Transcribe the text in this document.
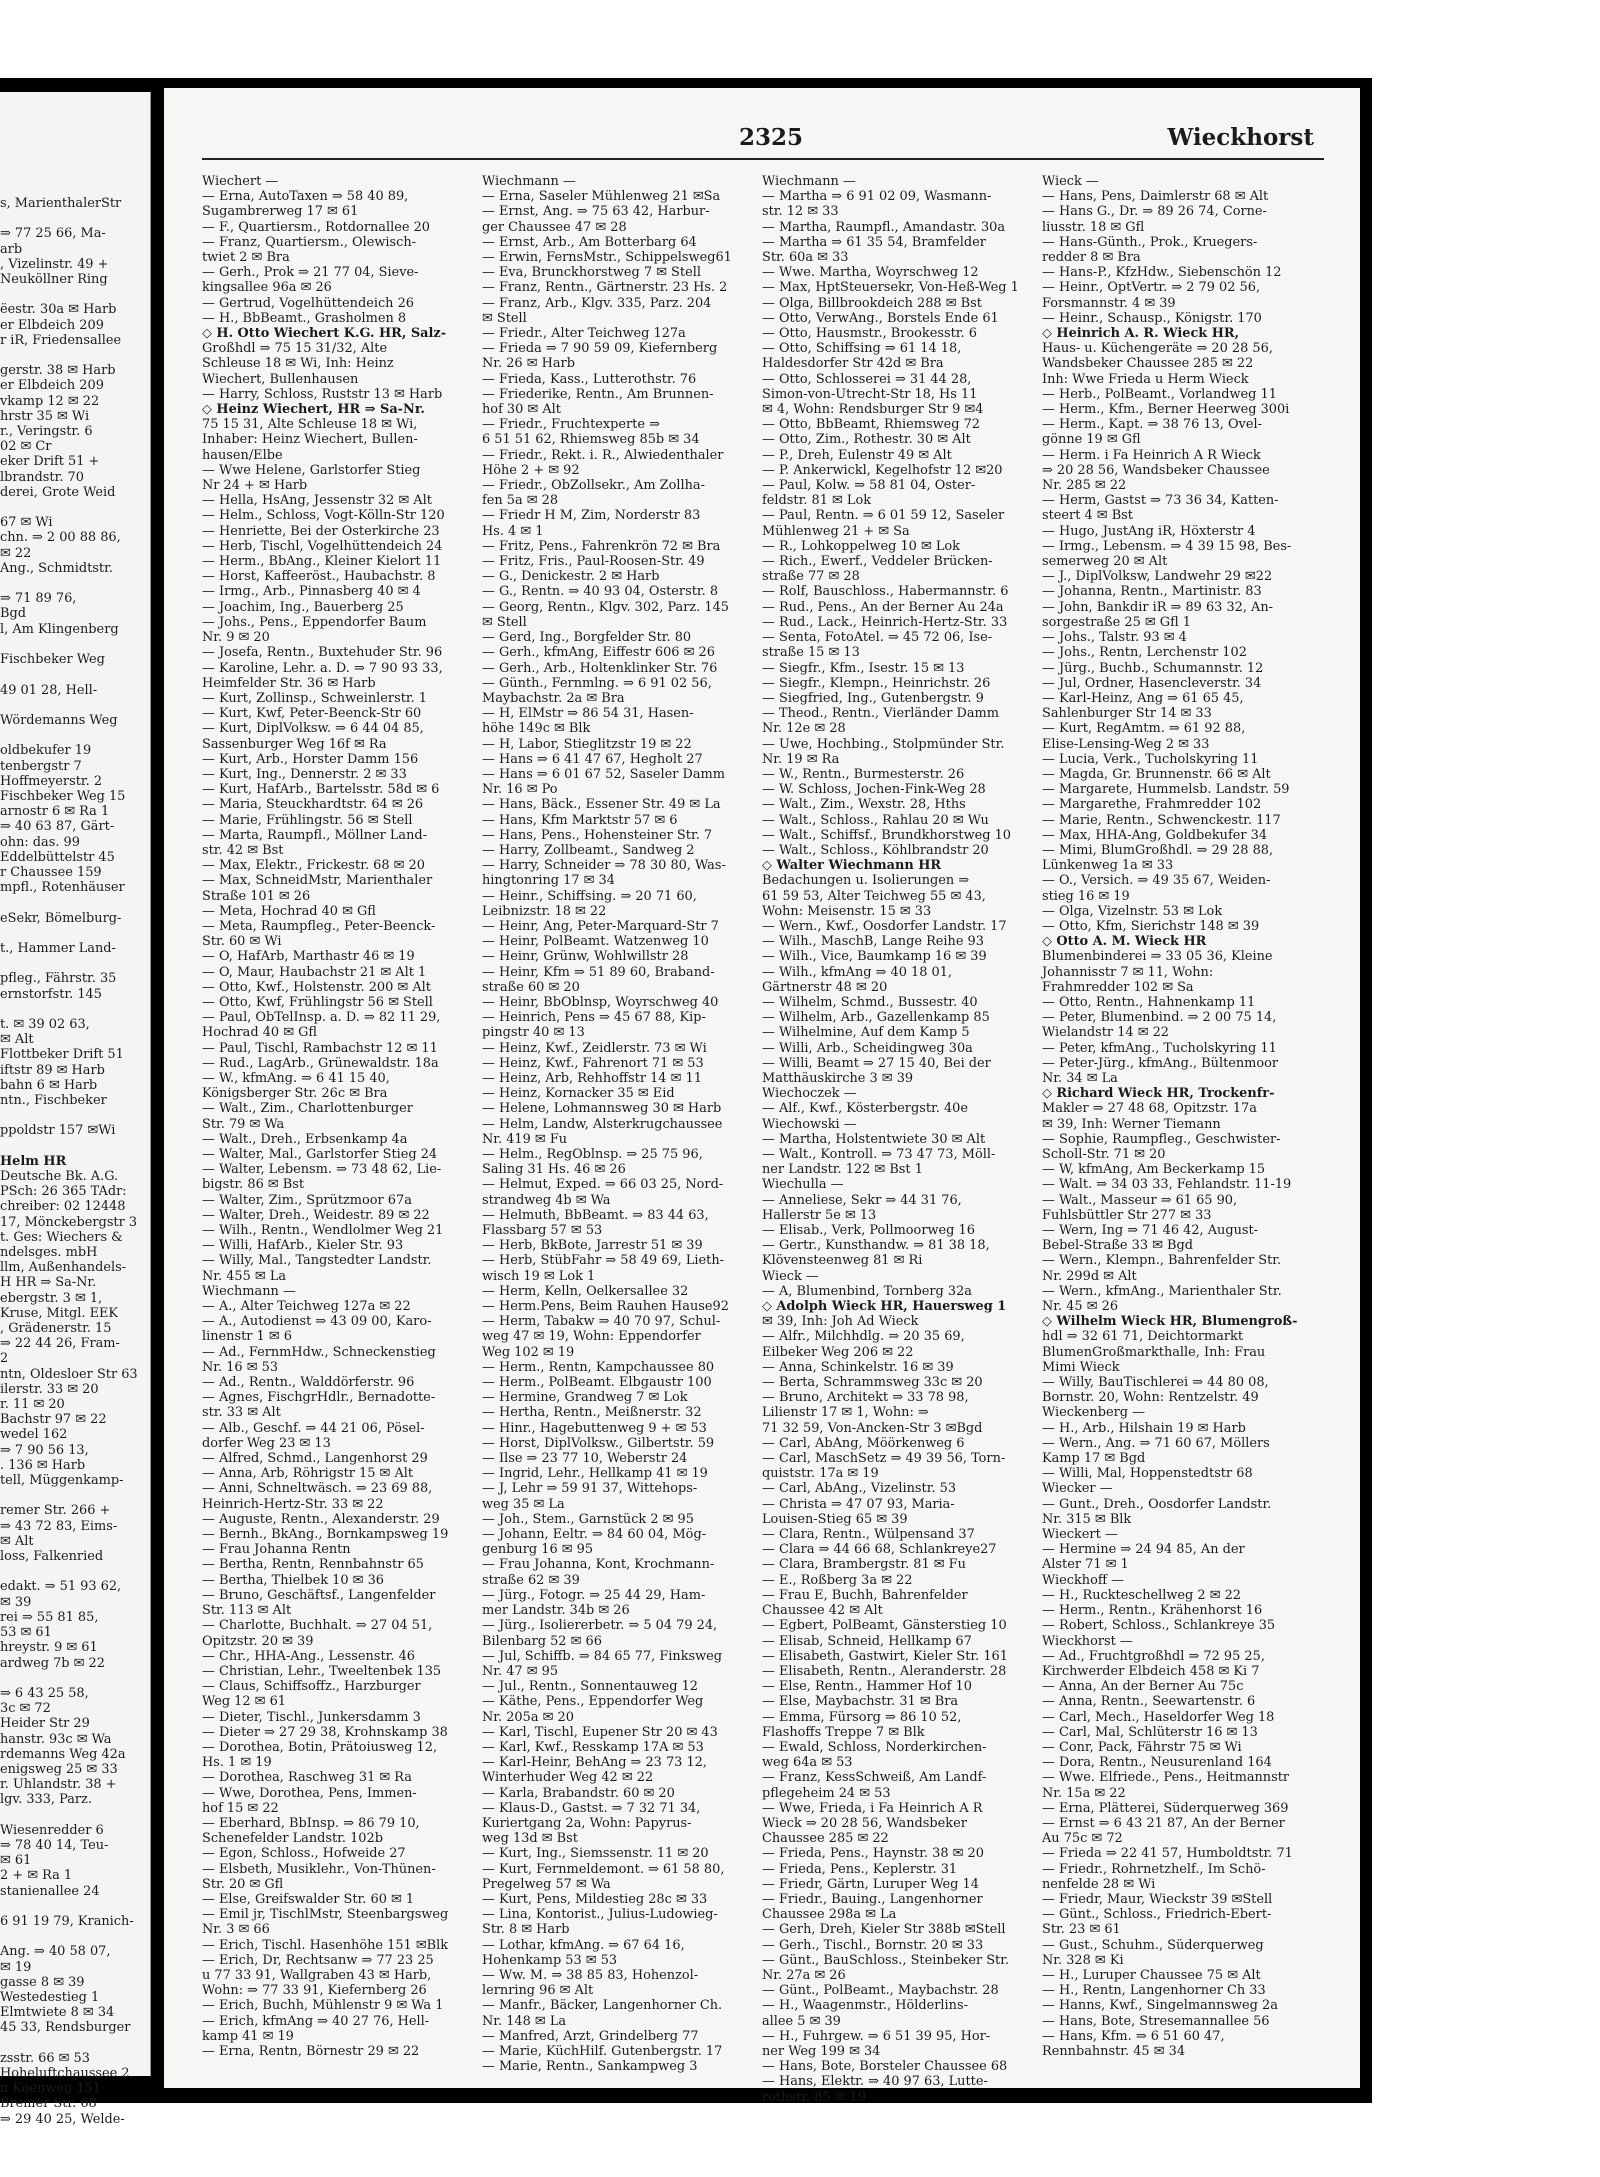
s, MarienthalerStr

⇒ 77 25 66, Ma-
arb
, Vizelinstr. 49 +
Neuköllner Ring

ëestr. 30a ✉ Harb
er Elbdeich 209
r iR, Friedensallee

gerstr. 38 ✉ Harb
er Elbdeich 209
vkamp 12 ✉ 22
hrstr 35 ✉ Wi
r., Veringstr. 6
02 ✉ Cr
eker Drift 51 +
lbrandstr. 70
derei, Grote Weid

67 ✉ Wi
chn. ⇒ 2 00 88 86,
✉ 22
Ang., Schmidtstr.

⇒ 71 89 76,
Bgd
l, Am Klingenberg

Fischbeker Weg

49 01 28, Hell-

Wördemanns Weg

oldbekufer 19
tenbergstr 7
Hoffmeyerstr. 2
Fischbeker Weg 15
arnostr 6 ✉ Ra 1
⇒ 40 63 87, Gärt-
ohn: das. 99
Eddelbüttelstr 45
r Chaussee 159
mpfl., Rotenhäuser

eSekr, Bömelburg-

t., Hammer Land-

pfleg., Fährstr. 35
ernstorfstr. 145

t. ✉ 39 02 63,
✉ Alt
Flottbeker Drift 51
iftstr 89 ✉ Harb
bahn 6 ✉ Harb
ntn., Fischbeker

ppoldstr 157 ✉Wi

Helm HR
Deutsche Bk. A.G.
PSch: 26 365 TAdr:
chreiber: 02 12448
17, Mönckebergstr 3
t. Ges: Wiechers &
ndelsges. mbH
llm, Außenhandels-
H HR ⇒ Sa-Nr.
ebergstr. 3 ✉ 1,
Kruse, Mitgl. EEK
, Grädenerstr. 15
⇒ 22 44 26, Fram-
2
ntn, Oldesloer Str 63
ilerstr. 33 ✉ 20
r. 11 ✉ 20
Bachstr 97 ✉ 22
wedel 162
⇒ 7 90 56 13,
. 136 ✉ Harb
tell, Müggenkamp-

remer Str. 266 +
⇒ 43 72 83, Eims-
✉ Alt
loss, Falkenried

edakt. ⇒ 51 93 62,
✉ 39
rei ⇒ 55 81 85,
53 ✉ 61
hreystr. 9 ✉ 61
ardweg 7b ✉ 22

⇒ 6 43 25 58,
3c ✉ 72
Heider Str 29
hanstr. 93c ✉ Wa
rdemanns Weg 42a
enigsweg 25 ✉ 33
r. Uhlandstr. 38 +
lgv. 333, Parz.

Wiesenredder 6
⇒ 78 40 14, Teu-
✉ 61
2 + ✉ Ra 1
stanienallee 24

6 91 19 79, Kranich-

Ang. ⇒ 40 58 07,
✉ 19
gasse 8 ✉ 39
Westedestieg 1
Elmtwiete 8 ✉ 34
45 33, Rendsburger

zsstr. 66 ✉ 53
Hoheluftchaussee 2
n Koenweg 151
Bremer Str. 68
⇒ 29 40 25, Welde-
2325	Wieckhorst
Wiechert —
— Erna, AutoTaxen ⇒ 58 40 89,
Sugambrerweg 17 ✉ 61
— F., Quartiersm., Rotdornallee 20
— Franz, Quartiersm., Olewisch-
twiet 2 ✉ Bra
— Gerh., Prok ⇒ 21 77 04, Sieve-
kingsallee 96a ✉ 26
— Gertrud, Vogelhüttendeich 26
— H., BbBeamt., Grasholmen 8
◇ H. Otto Wiechert K.G. HR, Salz-
Großhdl ⇒ 75 15 31/32, Alte
Schleuse 18 ✉ Wi, Inh: Heinz
Wiechert, Bullenhausen
— Harry, Schloss, Ruststr 13 ✉ Harb
◇ Heinz Wiechert, HR ⇒ Sa-Nr.
75 15 31, Alte Schleuse 18 ✉ Wi,
Inhaber: Heinz Wiechert, Bullen-
hausen/Elbe
— Wwe Helene, Garlstorfer Stieg
Nr 24 + ✉ Harb
— Hella, HsAng, Jessenstr 32 ✉ Alt
— Helm., Schloss, Vogt-Kölln-Str 120
— Henriette, Bei der Osterkirche 23
— Herb, Tischl, Vogelhüttendeich 24
— Herm., BbAng., Kleiner Kielort 11
— Horst, Kaffeeröst., Haubachstr. 8
— Irmg., Arb., Pinnasberg 40 ✉ 4
— Joachim, Ing., Bauerberg 25
— Johs., Pens., Eppendorfer Baum
Nr. 9 ✉ 20
— Josefa, Rentn., Buxtehuder Str. 96
— Karoline, Lehr. a. D. ⇒ 7 90 93 33,
Heimfelder Str. 36 ✉ Harb
— Kurt, Zollinsp., Schweinlerstr. 1
— Kurt, Kwf, Peter-Beenck-Str 60
— Kurt, DiplVolksw. ⇒ 6 44 04 85,
Sassenburger Weg 16f ✉ Ra
— Kurt, Arb., Horster Damm 156
— Kurt, Ing., Dennerstr. 2 ✉ 33
— Kurt, HafArb., Bartelsstr. 58d ✉ 6
— Maria, Steuckhardtstr. 64 ✉ 26
— Marie, Frühlingstr. 56 ✉ Stell
— Marta, Raumpfl., Möllner Land-
str. 42 ✉ Bst
— Max, Elektr., Frickestr. 68 ✉ 20
— Max, SchneidMstr, Marienthaler
Straße 101 ✉ 26
— Meta, Hochrad 40 ✉ Gfl
— Meta, Raumpfleg., Peter-Beenck-
Str. 60 ✉ Wi
— O, HafArb, Marthastr 46 ✉ 19
— O, Maur, Haubachstr 21 ✉ Alt 1
— Otto, Kwf., Holstenstr. 200 ✉ Alt
— Otto, Kwf, Frühlingstr 56 ✉ Stell
— Paul, ObTelInsp. a. D. ⇒ 82 11 29,
Hochrad 40 ✉ Gfl
— Paul, Tischl, Rambachstr 12 ✉ 11
— Rud., LagArb., Grünewaldstr. 18a
— W., kfmAng. ⇒ 6 41 15 40,
Königsberger Str. 26c ✉ Bra
— Walt., Zim., Charlottenburger
Str. 79 ✉ Wa
— Walt., Dreh., Erbsenkamp 4a
— Walter, Mal., Garlstorfer Stieg 24
— Walter, Lebensm. ⇒ 73 48 62, Lie-
bigstr. 86 ✉ Bst
— Walter, Zim., Sprützmoor 67a
— Walter, Dreh., Weidestr. 89 ✉ 22
— Wilh., Rentn., Wendlolmer Weg 21
— Willi, HafArb., Kieler Str. 93
— Willy, Mal., Tangstedter Landstr.
Nr. 455 ✉ La
Wiechmann —
— A., Alter Teichweg 127a ✉ 22
— A., Autodienst ⇒ 43 09 00, Karo-
linenstr 1 ✉ 6
— Ad., FernmHdw., Schneckenstieg
Nr. 16 ✉ 53
— Ad., Rentn., Walddörferstr. 96
— Agnes, FischgrHdlr., Bernadotte-
str. 33 ✉ Alt
— Alb., Geschf. ⇒ 44 21 06, Pösel-
dorfer Weg 23 ✉ 13
— Alfred, Schmd., Langenhorst 29
— Anna, Arb, Röhrigstr 15 ✉ Alt
— Anni, Schneltwäsch. ⇒ 23 69 88,
Heinrich-Hertz-Str. 33 ✉ 22
— Auguste, Rentn., Alexanderstr. 29
— Bernh., BkAng., Bornkampsweg 19
— Frau Johanna Rentn
— Bertha, Rentn, Rennbahnstr 65
— Bertha, Thielbek 10 ✉ 36
— Bruno, Geschäftsf., Langenfelder
Str. 113 ✉ Alt
— Charlotte, Buchhalt. ⇒ 27 04 51,
Opitzstr. 20 ✉ 39
— Chr., HHA-Ang., Lessenstr. 46
— Christian, Lehr., Tweeltenbek 135
— Claus, Schiffsoffz., Harzburger
Weg 12 ✉ 61
— Dieter, Tischl., Junkersdamm 3
— Dieter ⇒ 27 29 38, Krohnskamp 38
— Dorothea, Botin, Prätoiusweg 12,
Hs. 1 ✉ 19
— Dorothea, Raschweg 31 ✉ Ra
— Wwe, Dorothea, Pens, Immen-
hof 15 ✉ 22
— Eberhard, BbInsp. ⇒ 86 79 10,
Schenefelder Landstr. 102b
— Egon, Schloss., Hofweide 27
— Elsbeth, Musiklehr., Von-Thünen-
Str. 20 ✉ Gfl
— Else, Greifswalder Str. 60 ✉ 1
— Emil jr, TischlMstr, Steenbargsweg
Nr. 3 ✉ 66
— Erich, Tischl. Hasenhöhe 151 ✉Blk
— Erich, Dr, Rechtsanw ⇒ 77 23 25
u 77 33 91, Wallgraben 43 ✉ Harb,
Wohn: ⇒ 77 33 91, Kiefernberg 26
— Erich, Buchh, Mühlenstr 9 ✉ Wa 1
— Erich, kfmAng ⇒ 40 27 76, Hell-
kamp 41 ✉ 19
— Erna, Rentn, Börnestr 29 ✉ 22
Wiechmann —
— Erna, Saseler Mühlenweg 21 ✉Sa
— Ernst, Ang. ⇒ 75 63 42, Harbur-
ger Chaussee 47 ✉ 28
— Ernst, Arb., Am Botterbarg 64
— Erwin, FernsMstr., Schippelsweg61
— Eva, Brunckhorstweg 7 ✉ Stell
— Franz, Rentn., Gärtnerstr. 23 Hs. 2
— Franz, Arb., Klgv. 335, Parz. 204
✉ Stell
— Friedr., Alter Teichweg 127a
— Frieda ⇒ 7 90 59 09, Kiefernberg
Nr. 26 ✉ Harb
— Frieda, Kass., Lutterothstr. 76
— Friederike, Rentn., Am Brunnen-
hof 30 ✉ Alt
— Friedr., Fruchtexperte ⇒
6 51 51 62, Rhiemsweg 85b ✉ 34
— Friedr., Rekt. i. R., Alwiedenthaler
Höhe 2 + ✉ 92
— Friedr., ObZollsekr., Am Zollha-
fen 5a ✉ 28
— Friedr H M, Zim, Norderstr 83
Hs. 4 ✉ 1
— Fritz, Pens., Fahrenkrön 72 ✉ Bra
— Fritz, Fris., Paul-Roosen-Str. 49
— G., Denickestr. 2 ✉ Harb
— G., Rentn. ⇒ 40 93 04, Osterstr. 8
— Georg, Rentn., Klgv. 302, Parz. 145
✉ Stell
— Gerd, Ing., Borgfelder Str. 80
— Gerh., kfmAng, Eiffestr 606 ✉ 26
— Gerh., Arb., Holtenklinker Str. 76
— Günth., Fernmlng. ⇒ 6 91 02 56,
Maybachstr. 2a ✉ Bra
— H, ElMstr ⇒ 86 54 31, Hasen-
höhe 149c ✉ Blk
— H, Labor, Stieglitzstr 19 ✉ 22
— Hans ⇒ 6 41 47 67, Hegholt 27
— Hans ⇒ 6 01 67 52, Saseler Damm
Nr. 16 ✉ Po
— Hans, Bäck., Essener Str. 49 ✉ La
— Hans, Kfm Marktstr 57 ✉ 6
— Hans, Pens., Hohensteiner Str. 7
— Harry, Zollbeamt., Sandweg 2
— Harry, Schneider ⇒ 78 30 80, Was-
hingtonring 17 ✉ 34
— Heinr., Schiffsing. ⇒ 20 71 60,
Leibnizstr. 18 ✉ 22
— Heinr, Ang, Peter-Marquard-Str 7
— Heinr, PolBeamt. Watzenweg 10
— Heinr, Grünw, Wohlwillstr 28
— Heinr, Kfm ⇒ 51 89 60, Braband-
straße 60 ✉ 20
— Heinr, BbOblnsp, Woyrschweg 40
— Heinrich, Pens ⇒ 45 67 88, Kip-
pingstr 40 ✉ 13
— Heinz, Kwf., Zeidlerstr. 73 ✉ Wi
— Heinz, Kwf., Fahrenort 71 ✉ 53
— Heinz, Arb, Rehhoffstr 14 ✉ 11
— Heinz, Kornacker 35 ✉ Eid
— Helene, Lohmannsweg 30 ✉ Harb
— Helm, Landw, Alsterkrugchaussee
Nr. 419 ✉ Fu
— Helm., RegOblnsp. ⇒ 25 75 96,
Saling 31 Hs. 46 ✉ 26
— Helmut, Exped. ⇒ 66 03 25, Nord-
strandweg 4b ✉ Wa
— Helmuth, BbBeamt. ⇒ 83 44 63,
Flassbarg 57 ✉ 53
— Herb, BkBote, Jarrestr 51 ✉ 39
— Herb, StübFahr ⇒ 58 49 69, Lieth-
wisch 19 ✉ Lok 1
— Herm, Kelln, Oelkersallee 32
— Herm.Pens, Beim Rauhen Hause92
— Herm, Tabakw ⇒ 40 70 97, Schul-
weg 47 ✉ 19, Wohn: Eppendorfer
Weg 102 ✉ 19
— Herm., Rentn, Kampchaussee 80
— Herm., PolBeamt. Elbgaustr 100
— Hermine, Grandweg 7 ✉ Lok
— Hertha, Rentn., Meißnerstr. 32
— Hinr., Hagebuttenweg 9 + ✉ 53
— Horst, DiplVolksw., Gilbertstr. 59
— Ilse ⇒ 23 77 10, Weberstr 24
— Ingrid, Lehr., Hellkamp 41 ✉ 19
— J, Lehr ⇒ 59 91 37, Wittehops-
weg 35 ✉ La
— Joh., Stem., Garnstück 2 ✉ 95
— Johann, Eeltr. ⇒ 84 60 04, Mög-
genburg 16 ✉ 95
— Frau Johanna, Kont, Krochmann-
straße 62 ✉ 39
— Jürg., Fotogr. ⇒ 25 44 29, Ham-
mer Landstr. 34b ✉ 26
— Jürg., Isoliererbetr. ⇒ 5 04 79 24,
Bilenbarg 52 ✉ 66
— Jul, Schiffb. ⇒ 84 65 77, Finksweg
Nr. 47 ✉ 95
— Jul., Rentn., Sonnentauweg 12
— Käthe, Pens., Eppendorfer Weg
Nr. 205a ✉ 20
— Karl, Tischl, Eupener Str 20 ✉ 43
— Karl, Kwf., Resskamp 17A ✉ 53
— Karl-Heinr, BehAng ⇒ 23 73 12,
Winterhuder Weg 42 ✉ 22
— Karla, Brabandstr. 60 ✉ 20
— Klaus-D., Gastst. ⇒ 7 32 71 34,
Kuriertgang 2a, Wohn: Papyrus-
weg 13d ✉ Bst
— Kurt, Ing., Siemssenstr. 11 ✉ 20
— Kurt, Fernmeldemont. ⇒ 61 58 80,
Pregelweg 57 ✉ Wa
— Kurt, Pens, Mildestieg 28c ✉ 33
— Lina, Kontorist., Julius-Ludowieg-
Str. 8 ✉ Harb
— Lothar, kfmAng. ⇒ 67 64 16,
Hohenkamp 53 ✉ 53
— Ww. M. ⇒ 38 85 83, Hohenzol-
lernring 96 ✉ Alt
— Manfr., Bäcker, Langenhorner Ch.
Nr. 148 ✉ La
— Manfred, Arzt, Grindelberg 77
— Marie, KüchHilf. Gutenbergstr. 17
— Marie, Rentn., Sankampweg 3
Wiechmann —
— Martha ⇒ 6 91 02 09, Wasmann-
str. 12 ✉ 33
— Martha, Raumpfl., Amandastr. 30a
— Martha ⇒ 61 35 54, Bramfelder
Str. 60a ✉ 33
— Wwe. Martha, Woyrschweg 12
— Max, HptSteuersekr, Von-Heß-Weg 1
— Olga, Billbrookdeich 288 ✉ Bst
— Otto, VerwAng., Borstels Ende 61
— Otto, Hausmstr., Brookesstr. 6
— Otto, Schiffsing ⇒ 61 14 18,
Haldesdorfer Str 42d ✉ Bra
— Otto, Schlosserei ⇒ 31 44 28,
Simon-von-Utrecht-Str 18, Hs 11
✉ 4, Wohn: Rendsburger Str 9 ✉4
— Otto, BbBeamt, Rhiemsweg 72
— Otto, Zim., Rothestr. 30 ✉ Alt
— P., Dreh, Eulenstr 49 ✉ Alt
— P. Ankerwickl, Kegelhofstr 12 ✉20
— Paul, Kolw. ⇒ 58 81 04, Oster-
feldstr. 81 ✉ Lok
— Paul, Rentn. ⇒ 6 01 59 12, Saseler
Mühlenweg 21 + ✉ Sa
— R., Lohkoppelweg 10 ✉ Lok
— Rich., Ewerf., Veddeler Brücken-
straße 77 ✉ 28
— Rolf, Bauschloss., Habermannstr. 6
— Rud., Pens., An der Berner Au 24a
— Rud., Lack., Heinrich-Hertz-Str. 33
— Senta, FotoAtel. ⇒ 45 72 06, Ise-
straße 15 ✉ 13
— Siegfr., Kfm., Isestr. 15 ✉ 13
— Siegfr., Klempn., Heinrichstr. 26
— Siegfried, Ing., Gutenbergstr. 9
— Theod., Rentn., Vierländer Damm
Nr. 12e ✉ 28
— Uwe, Hochbing., Stolpmünder Str.
Nr. 19 ✉ Ra
— W., Rentn., Burmesterstr. 26
— W. Schloss, Jochen-Fink-Weg 28
— Walt., Zim., Wexstr. 28, Hths
— Walt., Schloss., Rahlau 20 ✉ Wu
— Walt., Schiffsf., Brundkhorstweg 10
— Walt., Schloss., Köhlbrandstr 20
◇ Walter Wiechmann HR
Bedachungen u. Isolierungen ⇒
61 59 53, Alter Teichweg 55 ✉ 43,
Wohn: Meisenstr. 15 ✉ 33
— Wern., Kwf., Oosdorfer Landstr. 17
— Wilh., MaschB, Lange Reihe 93
— Wilh., Vice, Baumkamp 16 ✉ 39
— Wilh., kfmAng ⇒ 40 18 01,
Gärtnerstr 48 ✉ 20
— Wilhelm, Schmd., Bussestr. 40
— Wilhelm, Arb., Gazellenkamp 85
— Wilhelmine, Auf dem Kamp 5
— Willi, Arb., Scheidingweg 30a
— Willi, Beamt ⇒ 27 15 40, Bei der
Matthäuskirche 3 ✉ 39
Wiechoczek —
— Alf., Kwf., Kösterbergstr. 40e
Wiechowski —
— Martha, Holstentwiete 30 ✉ Alt
— Walt., Kontroll. ⇒ 73 47 73, Möll-
ner Landstr. 122 ✉ Bst 1
Wiechulla —
— Anneliese, Sekr ⇒ 44 31 76,
Hallerstr 5e ✉ 13
— Elisab., Verk, Pollmoorweg 16
— Gertr., Kunsthandw. ⇒ 81 38 18,
Klövensteenweg 81 ✉ Ri
Wieck —
— A, Blumenbind, Tornberg 32a
◇ Adolph Wieck HR, Hauersweg 1
✉ 39, Inh: Joh Ad Wieck
— Alfr., Milchhdlg. ⇒ 20 35 69,
Eilbeker Weg 206 ✉ 22
— Anna, Schinkelstr. 16 ✉ 39
— Berta, Schrammsweg 33c ✉ 20
— Bruno, Architekt ⇒ 33 78 98,
Lilienstr 17 ✉ 1, Wohn: ⇒
71 32 59, Von-Ancken-Str 3 ✉Bgd
— Carl, AbAng, Möörkenweg 6
— Carl, MaschSetz ⇒ 49 39 56, Torn-
quiststr. 17a ✉ 19
— Carl, AbAng., Vizelinstr. 53
— Christa ⇒ 47 07 93, Maria-
Louisen-Stieg 65 ✉ 39
— Clara, Rentn., Wülpensand 37
— Clara ⇒ 44 66 68, Schlankreye27
— Clara, Brambergstr. 81 ✉ Fu
— E., Roßberg 3a ✉ 22
— Frau E, Buchh, Bahrenfelder
Chaussee 42 ✉ Alt
— Egbert, PolBeamt, Gänsterstieg 10
— Elisab, Schneid, Hellkamp 67
— Elisabeth, Gastwirt, Kieler Str. 161
— Elisabeth, Rentn., Aleranderstr. 28
— Else, Rentn., Hammer Hof 10
— Else, Maybachstr. 31 ✉ Bra
— Emma, Fürsorg ⇒ 86 10 52,
Flashoffs Treppe 7 ✉ Blk
— Ewald, Schloss, Norderkirchen-
weg 64a ✉ 53
— Franz, KessSchweiß, Am Landf-
pflegeheim 24 ✉ 53
— Wwe, Frieda, i Fa Heinrich A R
Wieck ⇒ 20 28 56, Wandsbeker
Chaussee 285 ✉ 22
— Frieda, Pens., Haynstr. 38 ✉ 20
— Frieda, Pens., Keplerstr. 31
— Friedr, Gärtn, Luruper Weg 14
— Friedr., Bauing., Langenhorner
Chaussee 298a ✉ La
— Gerh, Dreh, Kieler Str 388b ✉Stell
— Gerh., Tischl., Bornstr. 20 ✉ 33
— Günt., BauSchloss., Steinbeker Str.
Nr. 27a ✉ 26
— Günt., PolBeamt., Maybachstr. 28
— H., Waagenmstr., Hölderlins-
allee 5 ✉ 39
— H., Fuhrgew. ⇒ 6 51 39 95, Hor-
ner Weg 199 ✉ 34
— Hans, Bote, Borsteler Chaussee 68
— Hans, Elektr. ⇒ 40 97 63, Lutte-
rothstr. 85 ✉ 19
Wieck —
— Hans, Pens, Daimlerstr 68 ✉ Alt
— Hans G., Dr. ⇒ 89 26 74, Corne-
liusstr. 18 ✉ Gfl
— Hans-Günth., Prok., Kruegers-
redder 8 ✉ Bra
— Hans-P., KfzHdw., Siebenschön 12
— Heinr., OptVertr. ⇒ 2 79 02 56,
Forsmannstr. 4 ✉ 39
— Heinr., Schausp., Königstr. 170
◇ Heinrich A. R. Wieck HR,
Haus- u. Küchengeräte ⇒ 20 28 56,
Wandsbeker Chaussee 285 ✉ 22
Inh: Wwe Frieda u Herm Wieck
— Herb., PolBeamt., Vorlandweg 11
— Herm., Kfm., Berner Heerweg 300i
— Herm., Kapt. ⇒ 38 76 13, Ovel-
gönne 19 ✉ Gfl
— Herm. i Fa Heinrich A R Wieck
⇒ 20 28 56, Wandsbeker Chaussee
Nr. 285 ✉ 22
— Herm, Gastst ⇒ 73 36 34, Katten-
steert 4 ✉ Bst
— Hugo, JustAng iR, Höxterstr 4
— Irmg., Lebensm. ⇒ 4 39 15 98, Bes-
semerweg 20 ✉ Alt
— J., DiplVolksw, Landwehr 29 ✉22
— Johanna, Rentn., Martinistr. 83
— John, Bankdir iR ⇒ 89 63 32, An-
sorgestraße 25 ✉ Gfl 1
— Johs., Talstr. 93 ✉ 4
— Johs., Rentn, Lerchenstr 102
— Jürg., Buchb., Schumannstr. 12
— Jul, Ordner, Hasencleverstr. 34
— Karl-Heinz, Ang ⇒ 61 65 45,
Sahlenburger Str 14 ✉ 33
— Kurt, RegAmtm. ⇒ 61 92 88,
Elise-Lensing-Weg 2 ✉ 33
— Lucia, Verk., Tucholskyring 11
— Magda, Gr. Brunnenstr. 66 ✉ Alt
— Margarete, Hummelsb. Landstr. 59
— Margarethe, Frahmredder 102
— Marie, Rentn., Schwenckestr. 117
— Max, HHA-Ang, Goldbekufer 34
— Mimi, BlumGroßhdl. ⇒ 29 28 88,
Lünkenweg 1a ✉ 33
— O., Versich. ⇒ 49 35 67, Weiden-
stieg 16 ✉ 19
— Olga, Vizelnstr. 53 ✉ Lok
— Otto, Kfm, Sierichstr 148 ✉ 39
◇ Otto A. M. Wieck HR
Blumenbinderei ⇒ 33 05 36, Kleine
Johannisstr 7 ✉ 11, Wohn:
Frahmredder 102 ✉ Sa
— Otto, Rentn., Hahnenkamp 11
— Peter, Blumenbind. ⇒ 2 00 75 14,
Wielandstr 14 ✉ 22
— Peter, kfmAng., Tucholskyring 11
— Peter-Jürg., kfmAng., Bültenmoor
Nr. 34 ✉ La
◇ Richard Wieck HR, Trockenfr-
Makler ⇒ 27 48 68, Opitzstr. 17a
✉ 39, Inh: Werner Tiemann
— Sophie, Raumpfleg., Geschwister-
Scholl-Str. 71 ✉ 20
— W, kfmAng, Am Beckerkamp 15
— Walt. ⇒ 34 03 33, Fehlandstr. 11-19
— Walt., Masseur ⇒ 61 65 90,
Fuhlsbüttler Str 277 ✉ 33
— Wern, Ing ⇒ 71 46 42, August-
Bebel-Straße 33 ✉ Bgd
— Wern., Klempn., Bahrenfelder Str.
Nr. 299d ✉ Alt
— Wern., kfmAng., Marienthaler Str.
Nr. 45 ✉ 26
◇ Wilhelm Wieck HR, Blumengroß-
hdl ⇒ 32 61 71, Deichtormarkt
BlumenGroßmarkthalle, Inh: Frau
Mimi Wieck
— Willy, BauTischlerei ⇒ 44 80 08,
Bornstr. 20, Wohn: Rentzelstr. 49
Wieckenberg —
— H., Arb., Hilshain 19 ✉ Harb
— Wern., Ang. ⇒ 71 60 67, Möllers
Kamp 17 ✉ Bgd
— Willi, Mal, Hoppenstedtstr 68
Wiecker —
— Gunt., Dreh., Oosdorfer Landstr.
Nr. 315 ✉ Blk
Wieckert —
— Hermine ⇒ 24 94 85, An der
Alster 71 ✉ 1
Wieckhoff —
— H., Ruckteschellweg 2 ✉ 22
— Herm., Rentn., Krähenhorst 16
— Robert, Schloss., Schlankreye 35
Wieckhorst —
— Ad., Fruchtgroßhdl ⇒ 72 95 25,
Kirchwerder Elbdeich 458 ✉ Ki 7
— Anna, An der Berner Au 75c
— Anna, Rentn., Seewartenstr. 6
— Carl, Mech., Haseldorfer Weg 18
— Carl, Mal, Schlüterstr 16 ✉ 13
— Conr, Pack, Fährstr 75 ✉ Wi
— Dora, Rentn., Neusurenland 164
— Wwe. Elfriede., Pens., Heitmannstr
Nr. 15a ✉ 22
— Erna, Plätterei, Süderquerweg 369
— Ernst ⇒ 6 43 21 87, An der Berner
Au 75c ✉ 72
— Frieda ⇒ 22 41 57, Humboldtstr. 71
— Friedr., Rohrnetzhelf., Im Schö-
nenfelde 28 ✉ Wi
— Friedr, Maur, Wieckstr 39 ✉Stell
— Günt., Schloss., Friedrich-Ebert-
Str. 23 ✉ 61
— Gust., Schuhm., Süderquerweg
Nr. 328 ✉ Ki
— H., Luruper Chaussee 75 ✉ Alt
— H., Rentn, Langenhorner Ch 33
— Hanns, Kwf., Singelmannsweg 2a
— Hans, Bote, Stresemannallee 56
— Hans, Kfm. ⇒ 6 51 60 47,
Rennbahnstr. 45 ✉ 34
